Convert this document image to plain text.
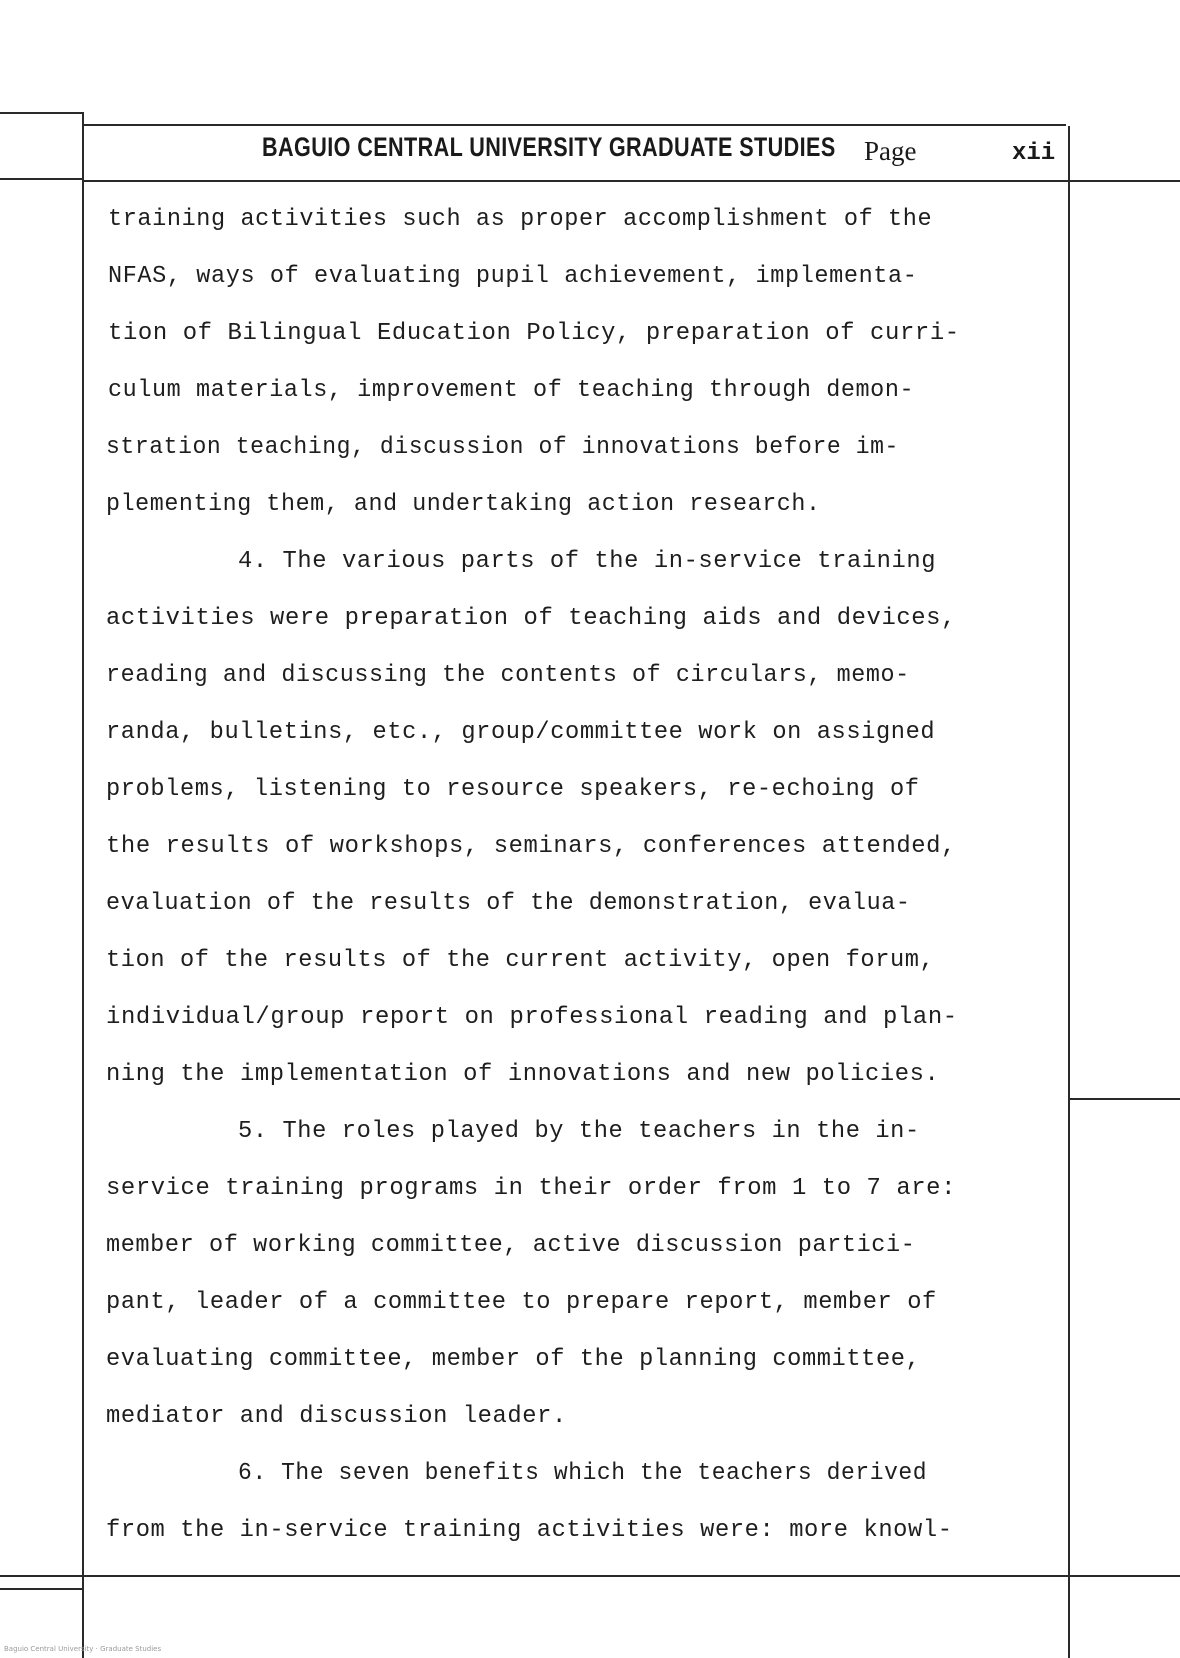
BAGUIO CENTRAL UNIVERSITY GRADUATE STUDIES Page	xii
training activities such as proper accomplishment of the
NFAS, ways of evaluating pupil achievement, implementa-
tion of Bilingual Education Policy, preparation of curri-
culum materials, improvement of teaching through demon-
stration teaching, discussion of innovations before im-
plementing them, and undertaking action research.
4. The various parts of the in-service training
activities were preparation of teaching aids and devices,
reading and discussing the contents of circulars, memo-
randa, bulletins, etc., group/committee work on assigned
problems, listening to resource speakers, re-echoing of
the results of workshops, seminars, conferences attended,
evaluation of the results of the demonstration, evalua-
tion of the results of the current activity, open forum,
individual/group report on professional reading and plan-
ning the implementation of innovations and new policies.
5. The roles played by the teachers in the in-
service training programs in their order from 1 to 7 are:
member of working committee, active discussion partici-
pant, leader of a committee to prepare report, member of
evaluating committee, member of the planning committee,
mediator and discussion leader.
6. The seven benefits which the teachers derived
from the in-service training activities were: more knowl-
Baguio Central University · Graduate Studies
